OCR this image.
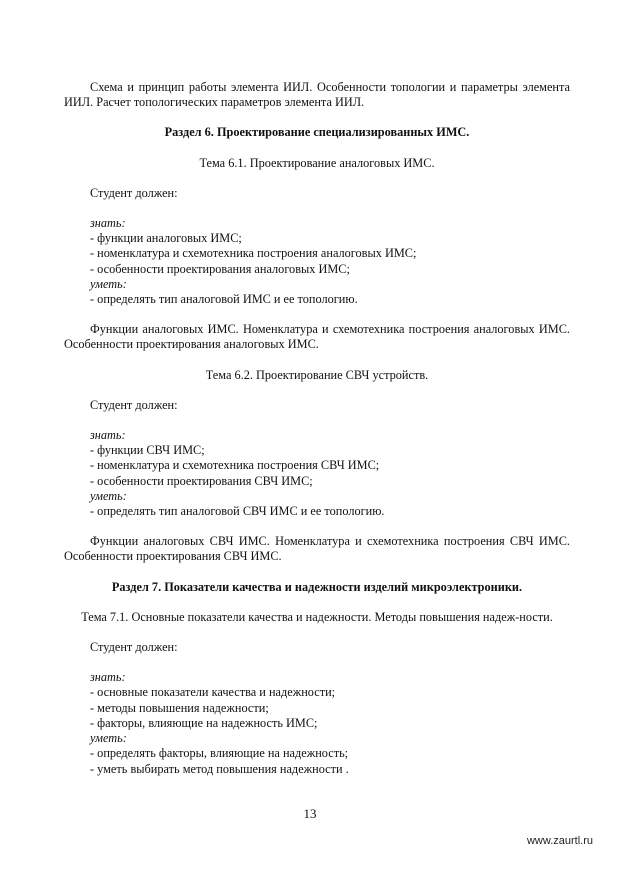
Схема и принцип работы элемента ИИЛ. Особенности топологии и параметры элемента ИИЛ. Расчет топологических параметров элемента ИИЛ.

Раздел 6. Проектирование специализированных ИМС.

Тема 6.1. Проектирование аналоговых ИМС.

Студент должен:

знать:

- функции аналоговых ИМС;

- номенклатура и схемотехника построения аналоговых ИМС;

- особенности проектирования аналоговых ИМС;

уметь:

- определять тип аналоговой ИМС и ее топологию.

Функции аналоговых ИМС. Номенклатура и схемотехника построения аналоговых ИМС. Особенности проектирования аналоговых ИМС.

Тема 6.2. Проектирование СВЧ устройств.

Студент должен:

знать:

- функции СВЧ ИМС;

- номенклатура и схемотехника построения СВЧ ИМС;

- особенности проектирования СВЧ ИМС;

уметь:

- определять тип аналоговой СВЧ ИМС и ее топологию.

Функции аналоговых СВЧ ИМС. Номенклатура и схемотехника построения СВЧ ИМС. Особенности проектирования СВЧ ИМС.

Раздел 7. Показатели качества и надежности изделий микроэлектроники.

Тема 7.1. Основные показатели качества и надежности. Методы повышения надеж-ности.

Студент должен:

знать:

- основные показатели качества и надежности;

- методы повышения надежности;

- факторы, влияющие на надежность ИМС;

уметь:

- определять факторы, влияющие на надежность;

- уметь выбирать метод повышения надежности .

13
www.zaurtl.ru
